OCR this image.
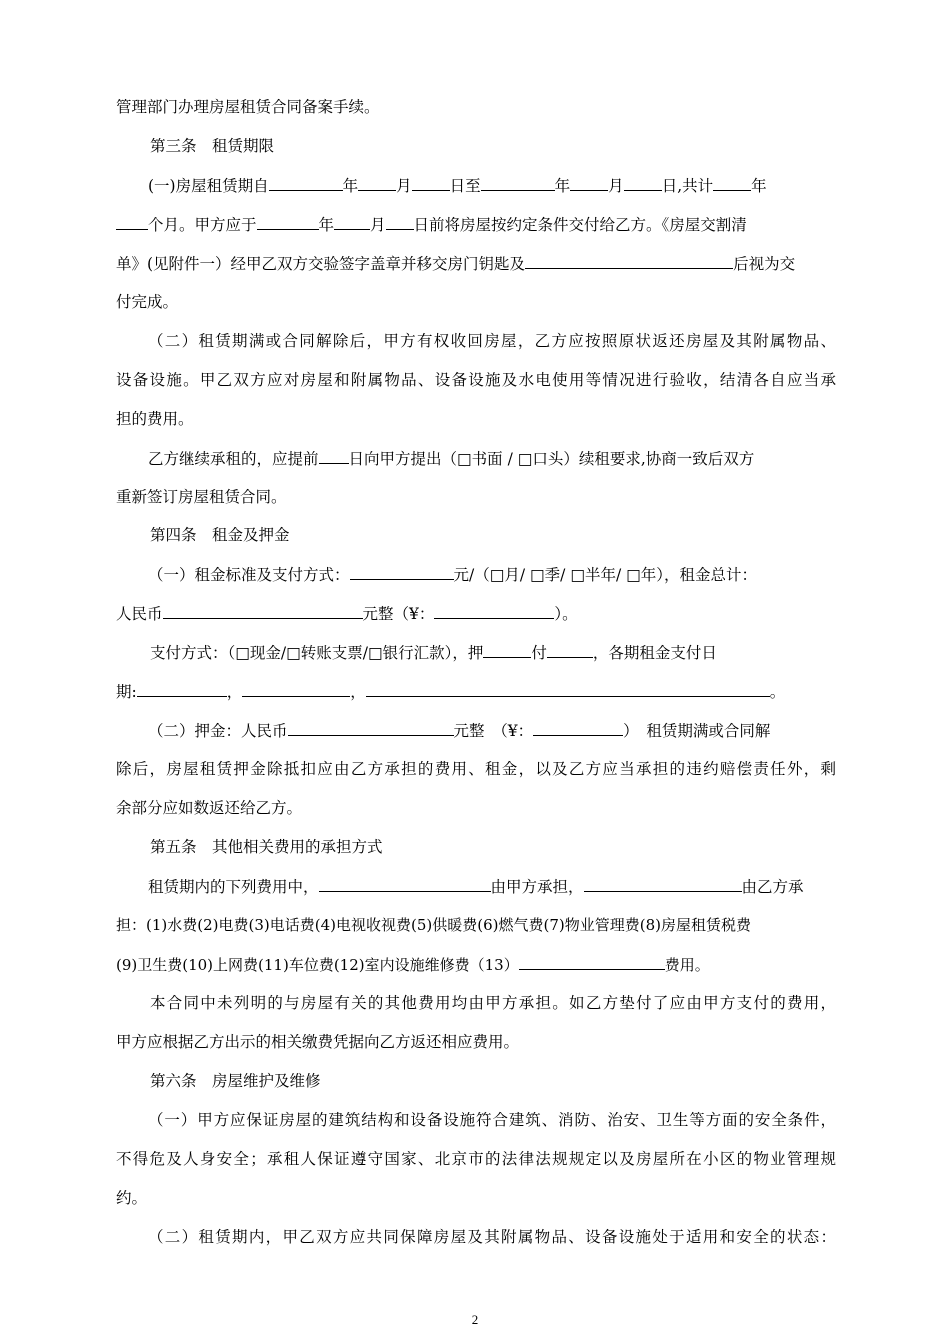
管理部门办理房屋租赁合同备案手续。
第三条　租赁期限
(一)房屋租赁期自	年 月 日至	年 月 日,共计 年
个月。甲方应于	年 月 日前将房屋按约定条件交付给乙方。《房屋交割清
单》(见附件一）经甲乙双方交验签字盖章并移交房门钥匙及	后视为交
付完成。
（二）租赁期满或合同解除后，甲方有权收回房屋，乙方应按照原状返还房屋及其附属物品、
设备设施。甲乙双方应对房屋和附属物品、设备设施及水电使用等情况进行验收，结清各自应当承
担的费用。
乙方继续承租的，应提前 日向甲方提出（□书面 / □口头）续租要求,协商一致后双方
重新签订房屋租赁合同。
第四条　租金及押金
（一）租金标准及支付方式：	元/（□月/ □季/ □半年/ □年），租金总计：
人民币	元整（¥：	）。
支付方式：（□现金/□转账支票/□银行汇款），押	付	，各期租金支付日
期:	，	，	。
（二）押金：人民币	元整　（¥：	）　租赁期满或合同解
除后，房屋租赁押金除抵扣应由乙方承担的费用、租金，以及乙方应当承担的违约赔偿责任外，剩
余部分应如数返还给乙方。
第五条　其他相关费用的承担方式
租赁期内的下列费用中，	由甲方承担，	由乙方承
担：(1)水费(2)电费(3)电话费(4)电视收视费(5)供暖费(6)燃气费(7)物业管理费(8)房屋租赁税费
(9)卫生费(10)上网费(11)车位费(12)室内设施维修费（13）	费用。
本合同中未列明的与房屋有关的其他费用均由甲方承担。如乙方垫付了应由甲方支付的费用，
甲方应根据乙方出示的相关缴费凭据向乙方返还相应费用。
第六条　房屋维护及维修
（一）甲方应保证房屋的建筑结构和设备设施符合建筑、消防、治安、卫生等方面的安全条件，
不得危及人身安全；承租人保证遵守国家、北京市的法律法规规定以及房屋所在小区的物业管理规
约。
（二）租赁期内，甲乙双方应共同保障房屋及其附属物品、设备设施处于适用和安全的状态：
2
